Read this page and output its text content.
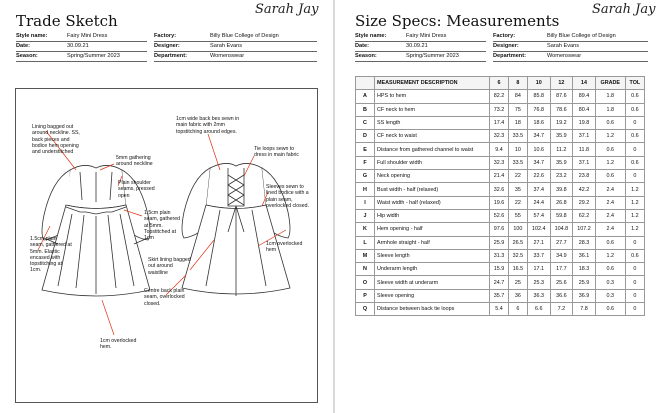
Trade Sketch
Sarah Jay
Style name:	Fairy Mini Dress
Date:	30.09.21
Season:	Spring/Summer 2023
Factory:	Billy Blue College of Design
Designer:	Sarah Evans
Department:	Womenswear
Lining bagged out around neckline. SS, back pieces and bodice hem opening and understitched
5mm gathering around neckline
Plain shoulder seams, pressed open
1.5cm plain seam, gathered at 5mm. Topstitched at 1cm
1.5cm plain seam, gathered at 5mm. Elastic encased with topstitching at 1cm.
1cm overlocked hem.
1cm wide back bes sewn in main fabric with 2mm topstitching around edges.
Tie loops sewn to dress in main fabric
Sleeves sewn to lined bodice with a plain seam, overlocked closed.
1cm overlocked hem
Skirt lining bagged out around waistline
Centre back plain seam, overlocked closed.
Size Specs: Measurements
Sarah Jay
Style name:	Fairy Mini Dress
Date:	30.09.21
Season:	Spring/Summer 2023
Factory:	Billy Blue College of Design
Designer:	Sarah Evans
Department:	Womenswear
	MEASUREMENT DESCRIPTION	6	8	10	12	14	GRADE	TOL
A	HPS to hem	82.2	84	85.8	87.6	89.4	1.8	0.6
B	CF neck to hem	73.2	75	76.8	78.6	80.4	1.8	0.6
C	SS length	17.4	18	18.6	19.2	19.8	0.6	0
D	CF neck to waist	32.3	33.5	34.7	35.9	37.1	1.2	0.6
E	Distance from gathered channel to waist	9.4	10	10.6	11.2	11.8	0.6	0
F	Full shoulder width	32.3	33.5	34.7	35.9	37.1	1.2	0.6
G	Neck opening	21.4	22	22.6	23.2	23.8	0.6	0
H	Bust width - half (relaxed)	32.6	35	37.4	39.8	42.2	2.4	1.2
I	Waist width - half (relaxed)	19.6	22	24.4	26.8	29.2	2.4	1.2
J	Hip width	52.6	55	57.4	59.8	62.2	2.4	1.2
K	Hem opening - half	97.6	100	102.4	104.8	107.2	2.4	1.2
L	Armhole straight - half	25.9	26.5	27.1	27.7	28.3	0.6	0
M	Sleeve length	31.3	32.5	33.7	34.9	36.1	1.2	0.6
N	Underarm length	15.9	16.5	17.1	17.7	18.3	0.6	0
O	Sleeve width at underarm	24.7	25	25.3	25.6	25.9	0.3	0
P	Sleeve opening	35.7	36	36.3	36.6	36.9	0.3	0
Q	Distance between back tie loops	5.4	6	6.6	7.2	7.8	0.6	0
